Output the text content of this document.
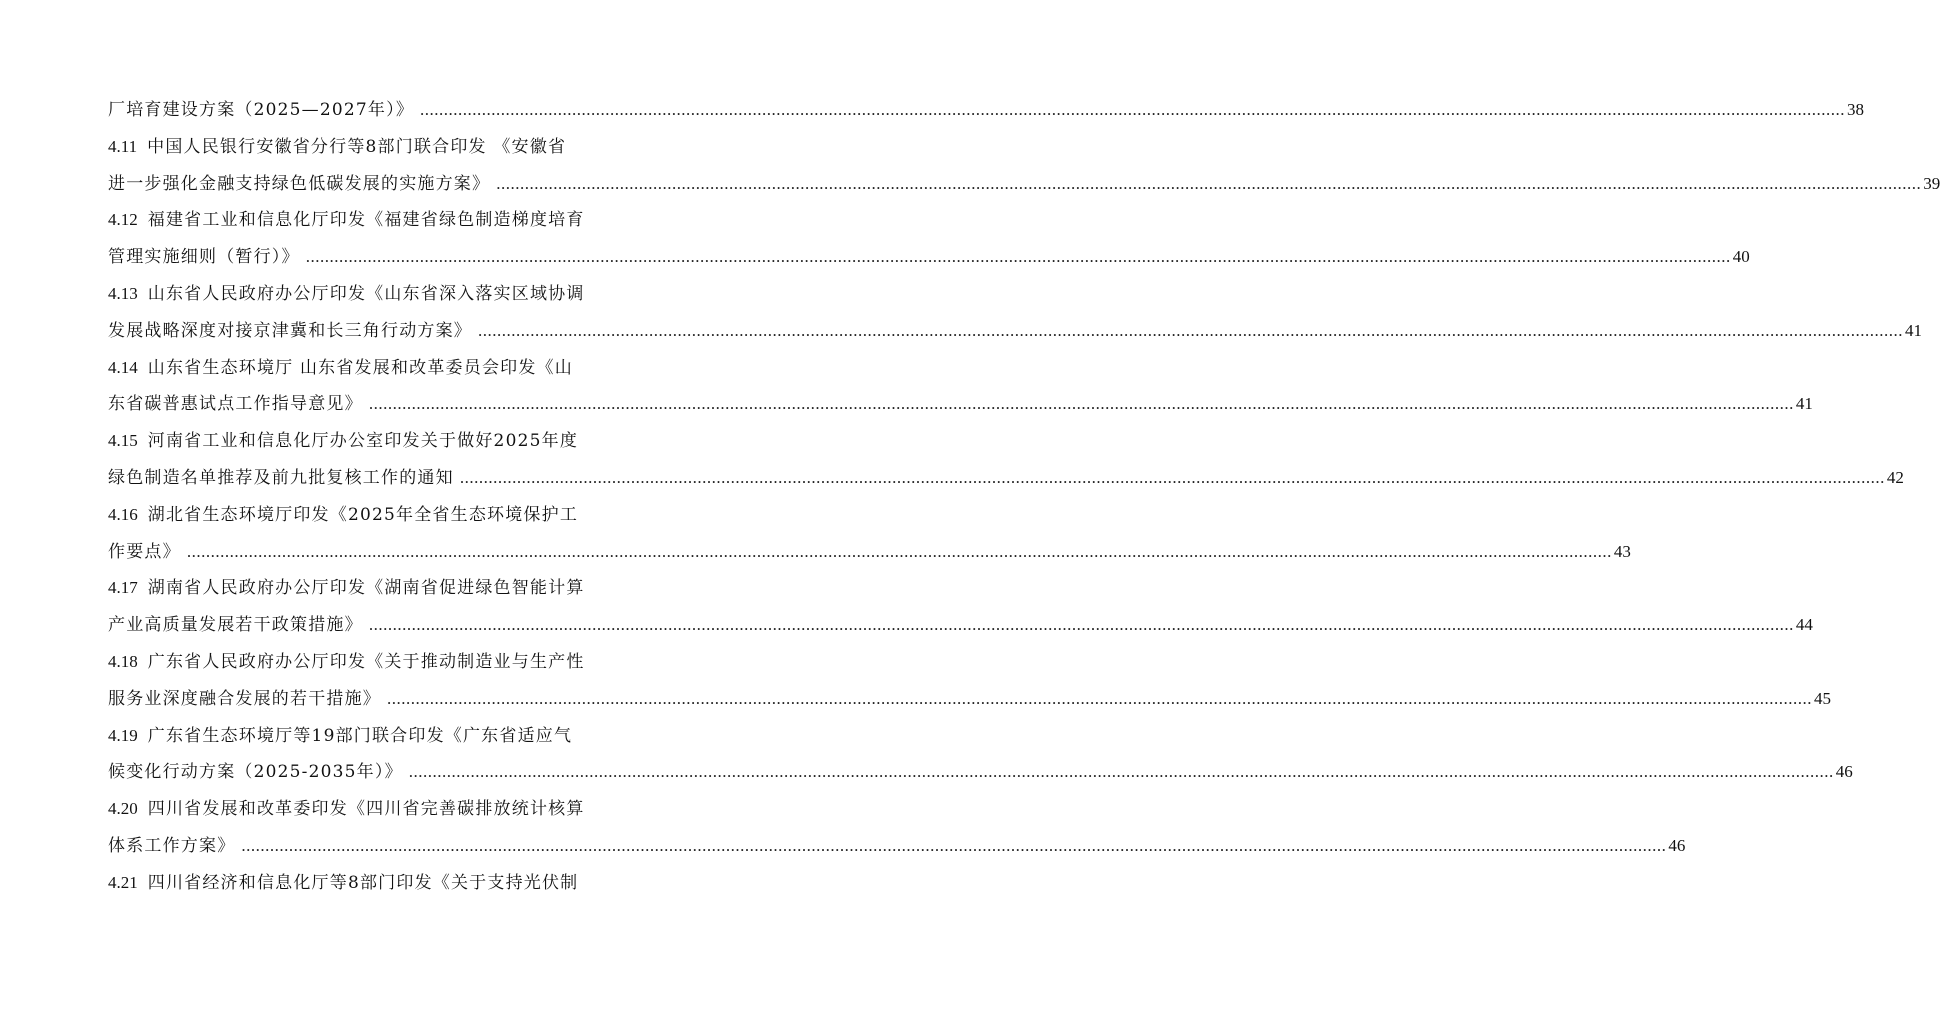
厂培育建设方案（2025—2027年）》 ............................................................................................................................................................................................................................................................................................................ 38
4.11 中国人民银行安徽省分行等8部门联合印发 《安徽省
进一步强化金融支持绿色低碳发展的实施方案》 ............................................................................................................................................................................................................................................................................................................ 39
4.12 福建省工业和信息化厅印发《福建省绿色制造梯度培育
管理实施细则（暂行）》 ............................................................................................................................................................................................................................................................................................................ 40
4.13 山东省人民政府办公厅印发《山东省深入落实区域协调
发展战略深度对接京津冀和长三角行动方案》 ............................................................................................................................................................................................................................................................................................................ 41
4.14 山东省生态环境厅 山东省发展和改革委员会印发《山
东省碳普惠试点工作指导意见》 ............................................................................................................................................................................................................................................................................................................ 41
4.15 河南省工业和信息化厅办公室印发关于做好2025年度
绿色制造名单推荐及前九批复核工作的通知 ............................................................................................................................................................................................................................................................................................................ 42
4.16 湖北省生态环境厅印发《2025年全省生态环境保护工
作要点》 ............................................................................................................................................................................................................................................................................................................ 43
4.17 湖南省人民政府办公厅印发《湖南省促进绿色智能计算
产业高质量发展若干政策措施》 ............................................................................................................................................................................................................................................................................................................ 44
4.18 广东省人民政府办公厅印发《关于推动制造业与生产性
服务业深度融合发展的若干措施》 ............................................................................................................................................................................................................................................................................................................ 45
4.19 广东省生态环境厅等19部门联合印发《广东省适应气
候变化行动方案（2025-2035年）》 ............................................................................................................................................................................................................................................................................................................ 46
4.20 四川省发展和改革委印发《四川省完善碳排放统计核算
体系工作方案》 ............................................................................................................................................................................................................................................................................................................ 46
4.21 四川省经济和信息化厅等8部门印发《关于支持光伏制
